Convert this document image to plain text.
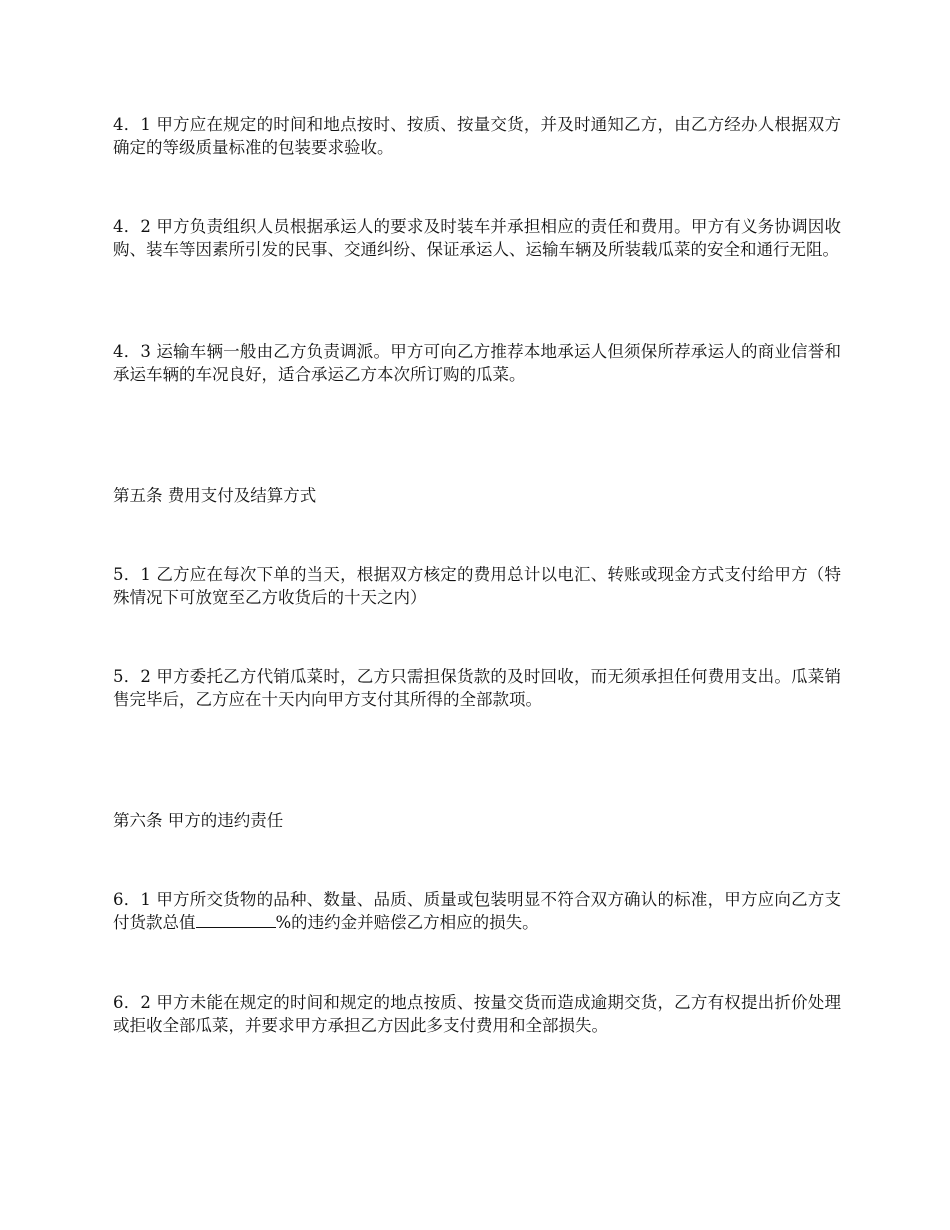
4．1 甲方应在规定的时间和地点按时、按质、按量交货，并及时通知乙方，由乙方经办人根据双方确定的等级质量标准的包装要求验收。

4．2 甲方负责组织人员根据承运人的要求及时装车并承担相应的责任和费用。甲方有义务协调因收购、装车等因素所引发的民事、交通纠纷、保证承运人、运输车辆及所装载瓜菜的安全和通行无阻。

4．3 运输车辆一般由乙方负责调派。甲方可向乙方推荐本地承运人但须保所荐承运人的商业信誉和承运车辆的车况良好，适合承运乙方本次所订购的瓜菜。

第五条 费用支付及结算方式

5．1 乙方应在每次下单的当天，根据双方核定的费用总计以电汇、转账或现金方式支付给甲方（特殊情况下可放宽至乙方收货后的十天之内）

5．2 甲方委托乙方代销瓜菜时，乙方只需担保货款的及时回收，而无须承担任何费用支出。瓜菜销售完毕后，乙方应在十天内向甲方支付其所得的全部款项。

第六条 甲方的违约责任

6．1 甲方所交货物的品种、数量、品质、质量或包装明显不符合双方确认的标准，甲方应向乙方支付货款总值	%的违约金并赔偿乙方相应的损失。

6．2 甲方未能在规定的时间和规定的地点按质、按量交货而造成逾期交货，乙方有权提出折价处理或拒收全部瓜菜，并要求甲方承担乙方因此多支付费用和全部损失。
